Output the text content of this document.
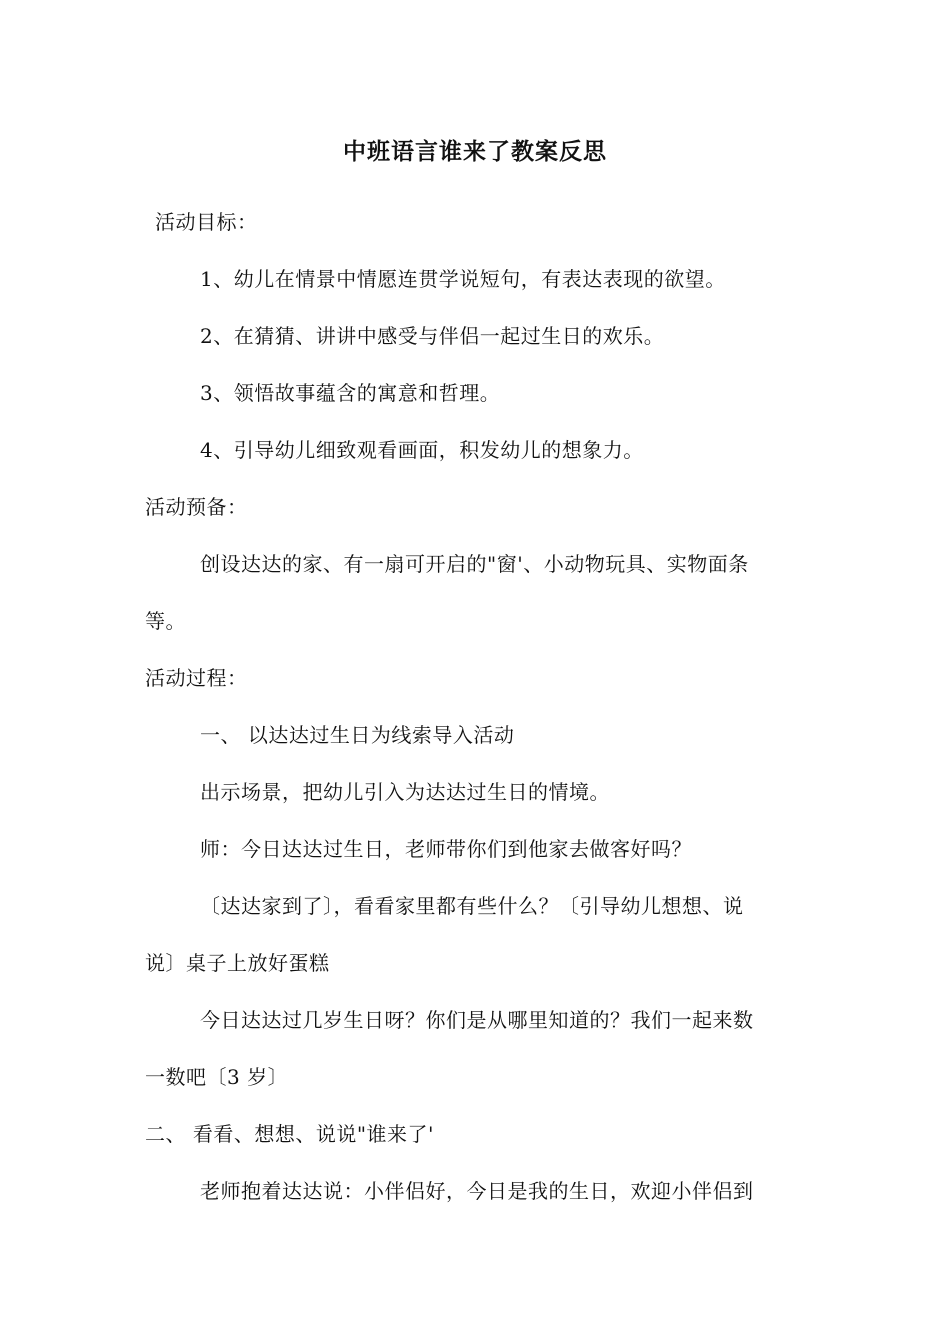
中班语言谁来了教案反思
活动目标：
1、幼儿在情景中情愿连贯学说短句，有表达表现的欲望。
2、在猜猜、讲讲中感受与伴侣一起过生日的欢乐。
3、领悟故事蕴含的寓意和哲理。
4、引导幼儿细致观看画面，积发幼儿的想象力。
活动预备：
创设达达的家、有一扇可开启的"窗'、小动物玩具、实物面条
等。
活动过程：
一、 以达达过生日为线索导入活动
出示场景，把幼儿引入为达达过生日的情境。
师：今日达达过生日，老师带你们到他家去做客好吗？
〔达达家到了〕，看看家里都有些什么？〔引导幼儿想想、说
说〕桌子上放好蛋糕
今日达达过几岁生日呀？你们是从哪里知道的？我们一起来数
一数吧〔3 岁〕
二、 看看、想想、说说"谁来了'
老师抱着达达说：小伴侣好，今日是我的生日，欢迎小伴侣到
